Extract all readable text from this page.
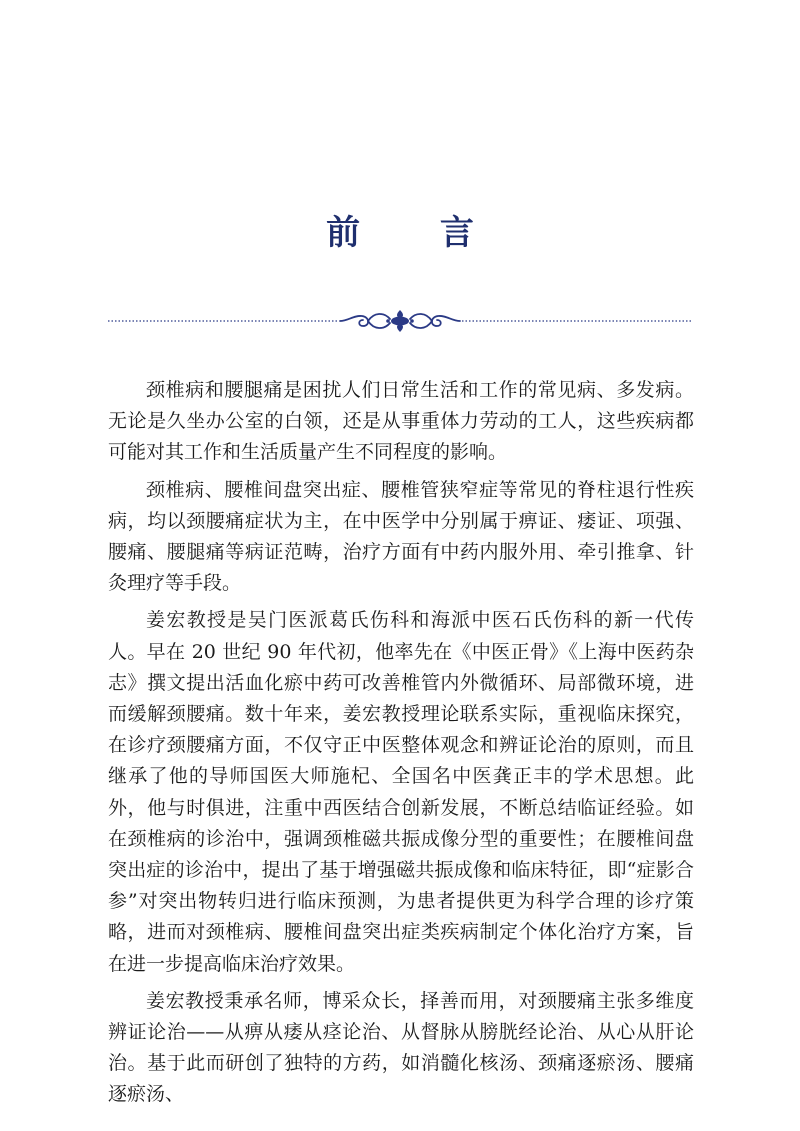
前 言

颈椎病和腰腿痛是困扰人们日常生活和工作的常见病、多发病。无论是久坐办公室的白领，还是从事重体力劳动的工人，这些疾病都可能对其工作和生活质量产生不同程度的影响。

颈椎病、腰椎间盘突出症、腰椎管狭窄症等常见的脊柱退行性疾病，均以颈腰痛症状为主，在中医学中分别属于痹证、痿证、项强、腰痛、腰腿痛等病证范畴，治疗方面有中药内服外用、牵引推拿、针灸理疗等手段。

姜宏教授是吴门医派葛氏伤科和海派中医石氏伤科的新一代传人。早在 20 世纪 90 年代初，他率先在《中医正骨》《上海中医药杂志》撰文提出活血化瘀中药可改善椎管内外微循环、局部微环境，进而缓解颈腰痛。数十年来，姜宏教授理论联系实际，重视临床探究，在诊疗颈腰痛方面，不仅守正中医整体观念和辨证论治的原则，而且继承了他的导师国医大师施杞、全国名中医龚正丰的学术思想。此外，他与时俱进，注重中西医结合创新发展，不断总结临证经验。如在颈椎病的诊治中，强调颈椎磁共振成像分型的重要性；在腰椎间盘突出症的诊治中，提出了基于增强磁共振成像和临床特征，即“症影合参”对突出物转归进行临床预测，为患者提供更为科学合理的诊疗策略，进而对颈椎病、腰椎间盘突出症类疾病制定个体化治疗方案，旨在进一步提高临床治疗效果。

姜宏教授秉承名师，博采众长，择善而用，对颈腰痛主张多维度辨证论治——从痹从痿从痉论治、从督脉从膀胱经论治、从心从肝论治。基于此而研创了独特的方药，如消髓化核汤、颈痛逐瘀汤、腰痛逐瘀汤、
